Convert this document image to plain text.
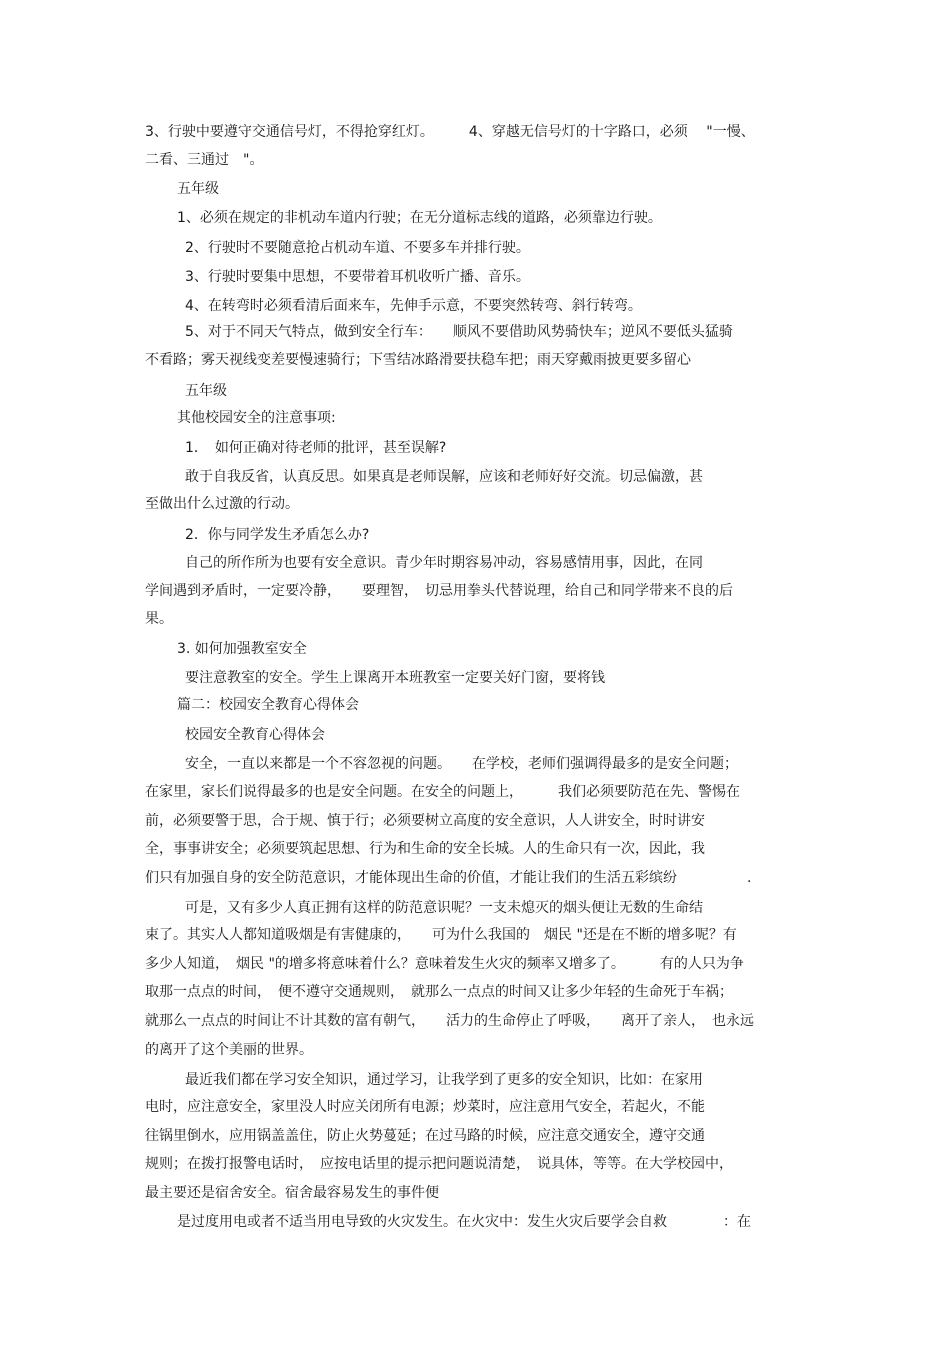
3、行驶中要遵守交通信号灯，不得抢穿红灯。　　　4、穿越无信号灯的十字路口，必须　 "一慢、

二看、三通过　"。

五年级

1、必须在规定的非机动车道内行驶；在无分道标志线的道路，必须靠边行驶。

2、行驶时不要随意抢占机动车道、不要多车并排行驶。

3、行驶时要集中思想，不要带着耳机收听广播、音乐。

4、在转弯时必须看清后面来车，先伸手示意，不要突然转弯、斜行转弯。

5、对于不同天气特点，做到安全行车：　　顺风不要借助风势骑快车；逆风不要低头猛骑

不看路；雾天视线变差要慢速骑行；下雪结冰路滑要扶稳车把；雨天穿戴雨披更要多留心

五年级

其他校园安全的注意事项:

1．　如何正确对待老师的批评，甚至误解?

敢于自我反省，认真反思。如果真是老师误解，应该和老师好好交流。切忌偏激，甚

至做出什么过激的行动。

2．你与同学发生矛盾怎么办?

自己的所作所为也要有安全意识。青少年时期容易冲动，容易感情用事，因此，在同

学间遇到矛盾时，一定要冷静，　　要理智，　切忌用拳头代替说理，给自己和同学带来不良的后

果。

3. 如何加强教室安全

要注意教室的安全。学生上课离开本班教室一定要关好门窗，要将钱

篇二：校园安全教育心得体会

校园安全教育心得体会

安全，一直以来都是一个不容忽视的问题。　　在学校，老师们强调得最多的是安全问题；

在家里，家长们说得最多的也是安全问题。在安全的问题上，　　　我们必须要防范在先、警惕在

前，必须要警于思，合于规、慎于行；必须要树立高度的安全意识，人人讲安全，时时讲安

全，事事讲安全；必须要筑起思想、行为和生命的安全长城。人的生命只有一次，因此，我

们只有加强自身的安全防范意识，才能体现出生命的价值，才能让我们的生活五彩缤纷　　　　　.

可是，又有多少人真正拥有这样的防范意识呢？一支未熄灭的烟头便让无数的生命结

束了。其实人人都知道吸烟是有害健康的，　　可为什么我国的　烟民 "还是在不断的增多呢？有

多少人知道，　烟民 "的增多将意味着什么？意味着发生火灾的频率又增多了。　　　有的人只为争

取那一点点的时间，　便不遵守交通规则，　就那么一点点的时间又让多少年轻的生命死于车祸；

就那么一点点的时间让不计其数的富有朝气，　　活力的生命停止了呼吸，　　离开了亲人，　也永远

的离开了这个美丽的世界。

最近我们都在学习安全知识，通过学习，让我学到了更多的安全知识，比如：在家用

电时，应注意安全，家里没人时应关闭所有电源；炒菜时，应注意用气安全，若起火，不能

往锅里倒水，应用锅盖盖住，防止火势蔓延；在过马路的时候，应注意交通安全，遵守交通

规则；在拨打报警电话时，　应按电话里的提示把问题说清楚，　说具体，等等。在大学校园中，

最主要还是宿舍安全。宿舍最容易发生的事件便

是过度用电或者不适当用电导致的火灾发生。在火灾中：发生火灾后要学会自救　　　　：在
